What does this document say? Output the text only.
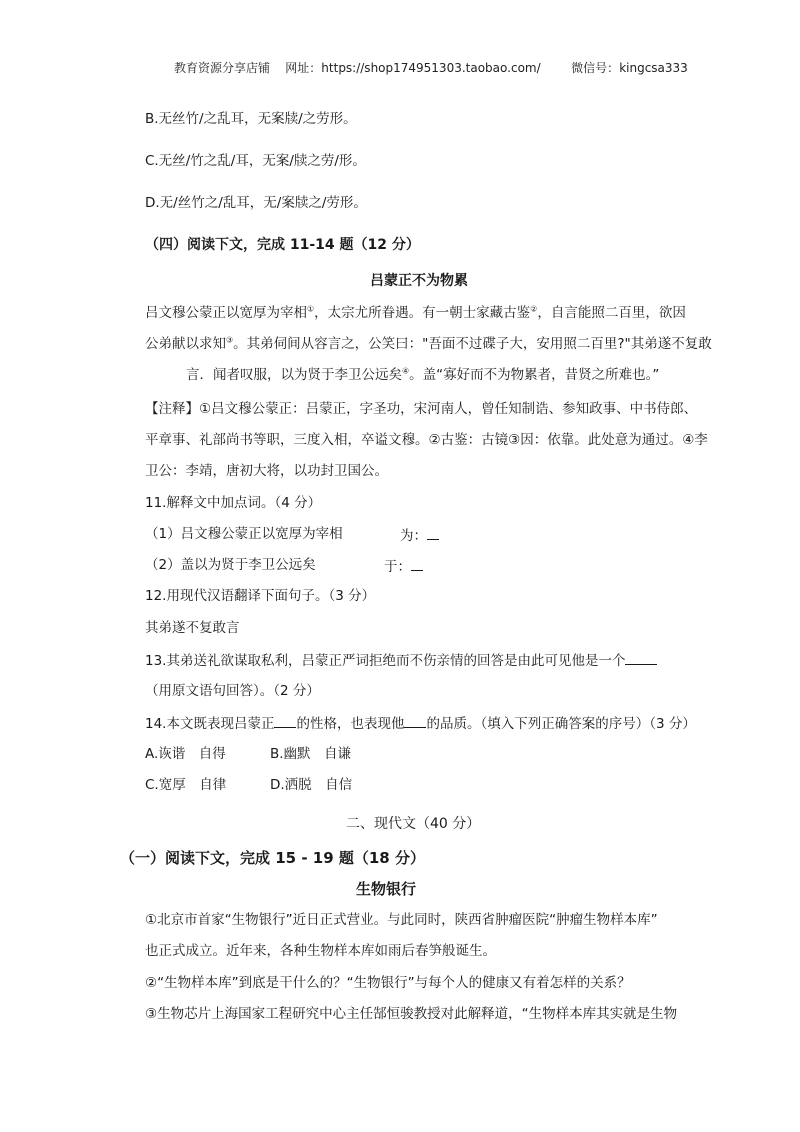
教育资源分享店铺 网址：https://shop174951303.taobao.com/	微信号：kingcsa333
B.无丝竹/之乱耳，无案牍/之劳形。
C.无丝/竹之乱/耳，无案/牍之劳/形。
D.无/丝竹之/乱耳，无/案牍之/劳形。
（四）阅读下文，完成 11-14 题（12 分）
吕蒙正不为物累
吕文穆公蒙正以宽厚为宰相①，太宗尤所眷遇。有一朝士家藏古鉴②，自言能照二百里，欲因
公弟献以求知③。其弟伺间从容言之，公笑曰："吾面不过碟子大，安用照二百里?"其弟遂不复敢
言．闻者叹服，以为贤于李卫公远矣④。盖“寡好而不为物累者，昔贤之所难也。”
【注释】①吕文穆公蒙正：吕蒙正，字圣功，宋河南人，曾任知制诰、参知政事、中书侍郎、
平章事、礼部尚书等职，三度入相，卒谥文穆。②古鉴：古镜③因：依靠。此处意为通过。④李
卫公：李靖，唐初大将，以功封卫国公。
11.解释文中加点词。（4 分）
（1）吕文穆公蒙正以宽厚为宰相	为：
（2）盖以为贤于李卫公远矣	于：
12.用现代汉语翻译下面句子。（3 分）
其弟遂不复敢言
13.其弟送礼欲谋取私利，吕蒙正严词拒绝而不伤亲情的回答是由此可见他是一个
（用原文语句回答）。（2 分）
14.本文既表现吕蒙正 的性格，也表现他 的品质。（填入下列正确答案的序号）（3 分）
A.诙谐　自得	B.幽默　自谦
C.宽厚　自律	D.洒脱　自信
二、现代文（40 分）
（一）阅读下文，完成 15 - 19 题（18 分）
生物银行
①北京市首家“生物银行”近日正式营业。与此同时，陕西省肿瘤医院“肿瘤生物样本库”
也正式成立。近年来，各种生物样本库如雨后春笋般诞生。
②“生物样本库”到底是干什么的？“生物银行”与每个人的健康又有着怎样的关系？
③生物芯片上海国家工程研究中心主任郜恒骏教授对此解释道，“生物样本库其实就是生物
